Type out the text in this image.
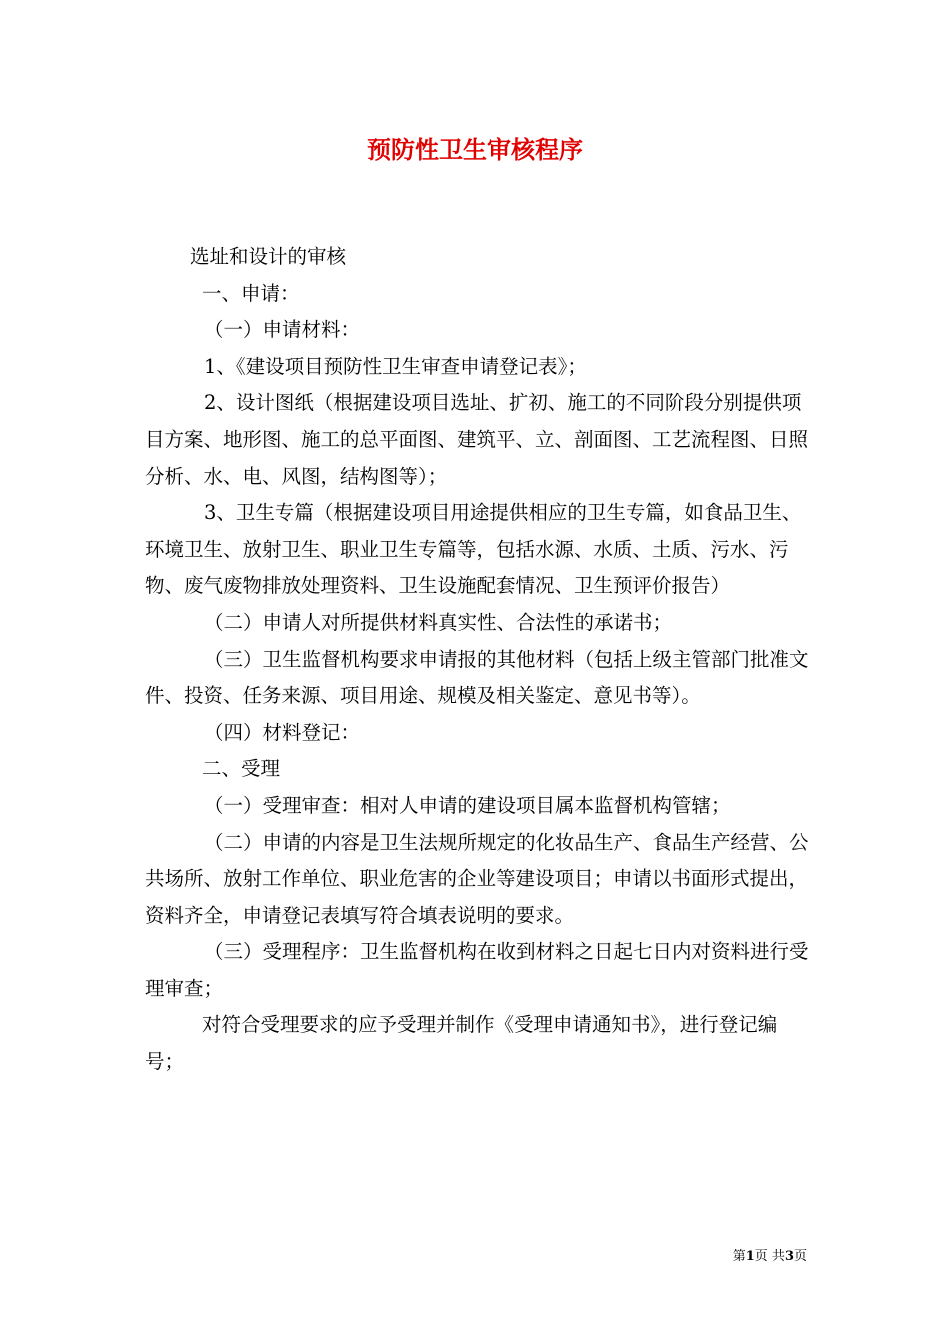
预防性卫生审核程序

选址和设计的审核

一、申请：

（一）申请材料：

1、《建设项目预防性卫生审查申请登记表》；

2、设计图纸（根据建设项目选址、扩初、施工的不同阶段分别提供项目方案、地形图、施工的总平面图、建筑平、立、剖面图、工艺流程图、日照分析、水、电、风图，结构图等）；

3、卫生专篇（根据建设项目用途提供相应的卫生专篇，如食品卫生、环境卫生、放射卫生、职业卫生专篇等，包括水源、水质、土质、污水、污物、废气废物排放处理资料、卫生设施配套情况、卫生预评价报告）

（二）申请人对所提供材料真实性、合法性的承诺书；

（三）卫生监督机构要求申请报的其他材料（包括上级主管部门批准文件、投资、任务来源、项目用途、规模及相关鉴定、意见书等）。

（四）材料登记：

二、受理

（一）受理审查：相对人申请的建设项目属本监督机构管辖；

（二）申请的内容是卫生法规所规定的化妆品生产、食品生产经营、公共场所、放射工作单位、职业危害的企业等建设项目；申请以书面形式提出，资料齐全，申请登记表填写符合填表说明的要求。

（三）受理程序：卫生监督机构在收到材料之日起七日内对资料进行受理审查；

对符合受理要求的应予受理并制作《受理申请通知书》，进行登记编号；

第1页 共3页
